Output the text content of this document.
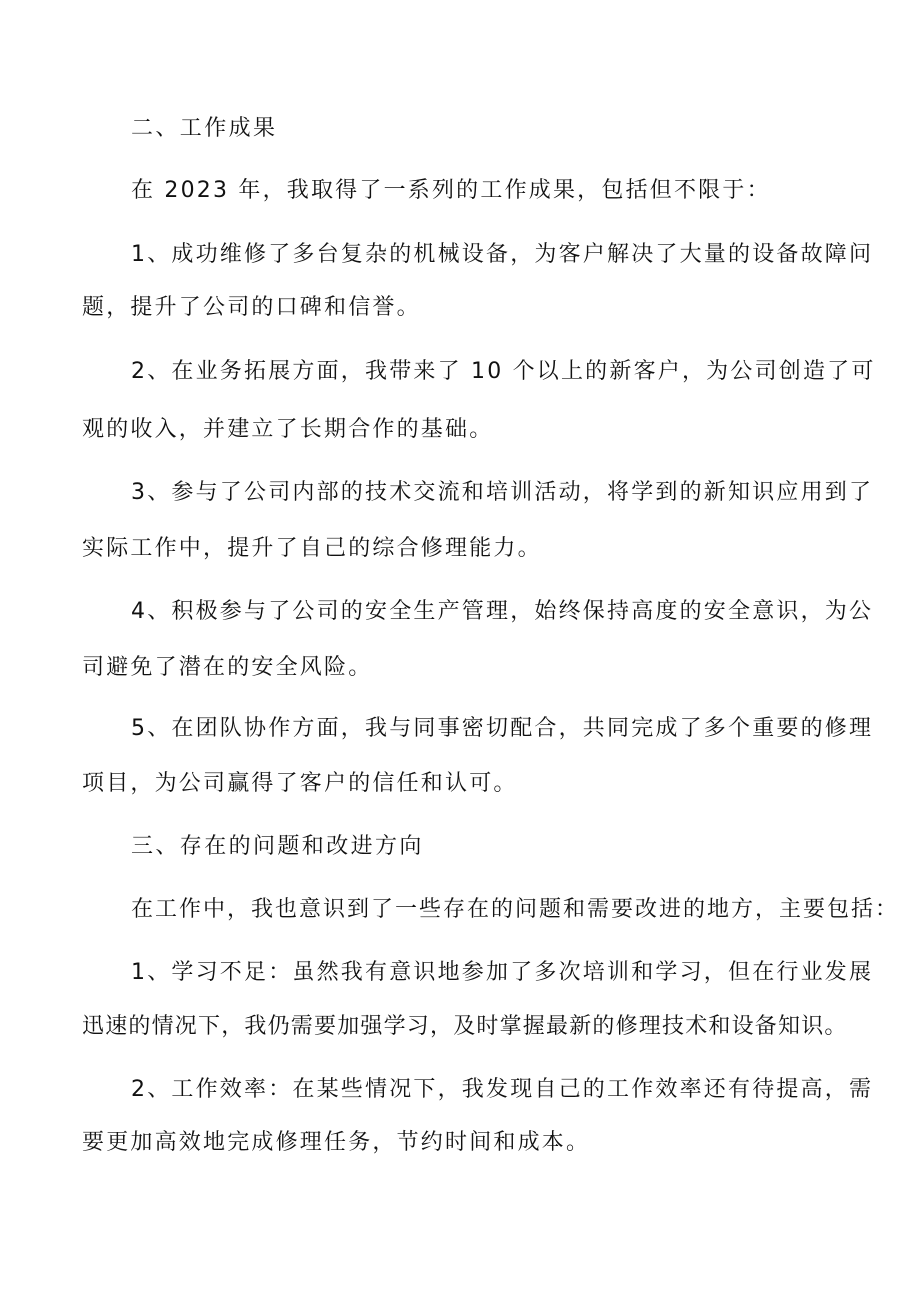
二、工作成果
在 2023 年，我取得了一系列的工作成果，包括但不限于：
1、成功维修了多台复杂的机械设备，为客户解决了大量的设备故障问
题，提升了公司的口碑和信誉。
2、在业务拓展方面，我带来了 10 个以上的新客户，为公司创造了可
观的收入，并建立了长期合作的基础。
3、参与了公司内部的技术交流和培训活动，将学到的新知识应用到了
实际工作中，提升了自己的综合修理能力。
4、积极参与了公司的安全生产管理，始终保持高度的安全意识，为公
司避免了潜在的安全风险。
5、在团队协作方面，我与同事密切配合，共同完成了多个重要的修理
项目，为公司赢得了客户的信任和认可。
三、存在的问题和改进方向
在工作中，我也意识到了一些存在的问题和需要改进的地方，主要包括：
1、学习不足：虽然我有意识地参加了多次培训和学习，但在行业发展
迅速的情况下，我仍需要加强学习，及时掌握最新的修理技术和设备知识。
2、工作效率：在某些情况下，我发现自己的工作效率还有待提高，需
要更加高效地完成修理任务，节约时间和成本。
